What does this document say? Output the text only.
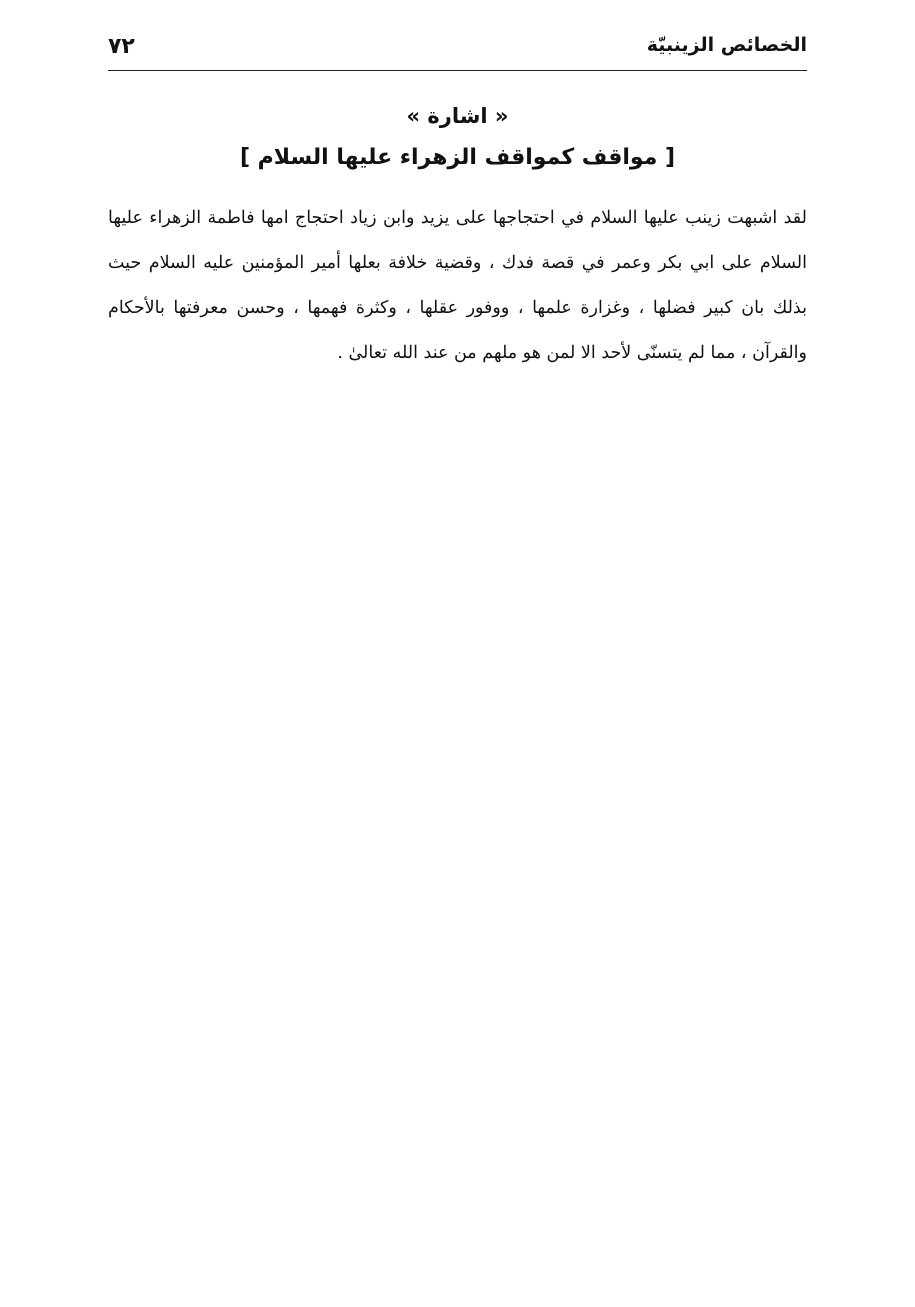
٧٢	الخصائص الزينبيّة
« اشارة »
[ مواقف كمواقف الزهراء عليها السلام ]

لقد اشبهت زينب عليها السلام في احتجاجها على يزيد وابن زياد احتجاج امها فاطمة الزهراء عليها السلام على ابي بكر وعمر في قصة فدك ، وقضية خلافة بعلها أمير المؤمنين عليه السلام حيث بذلك بان كبير فضلها ، وغزارة علمها ، ووفور عقلها ، وكثرة فهمها ، وحسن معرفتها بالأحكام والقرآن ، مما لم يتسنّى لأحد الا لمن هو ملهم من عند الله تعالىٰ .
